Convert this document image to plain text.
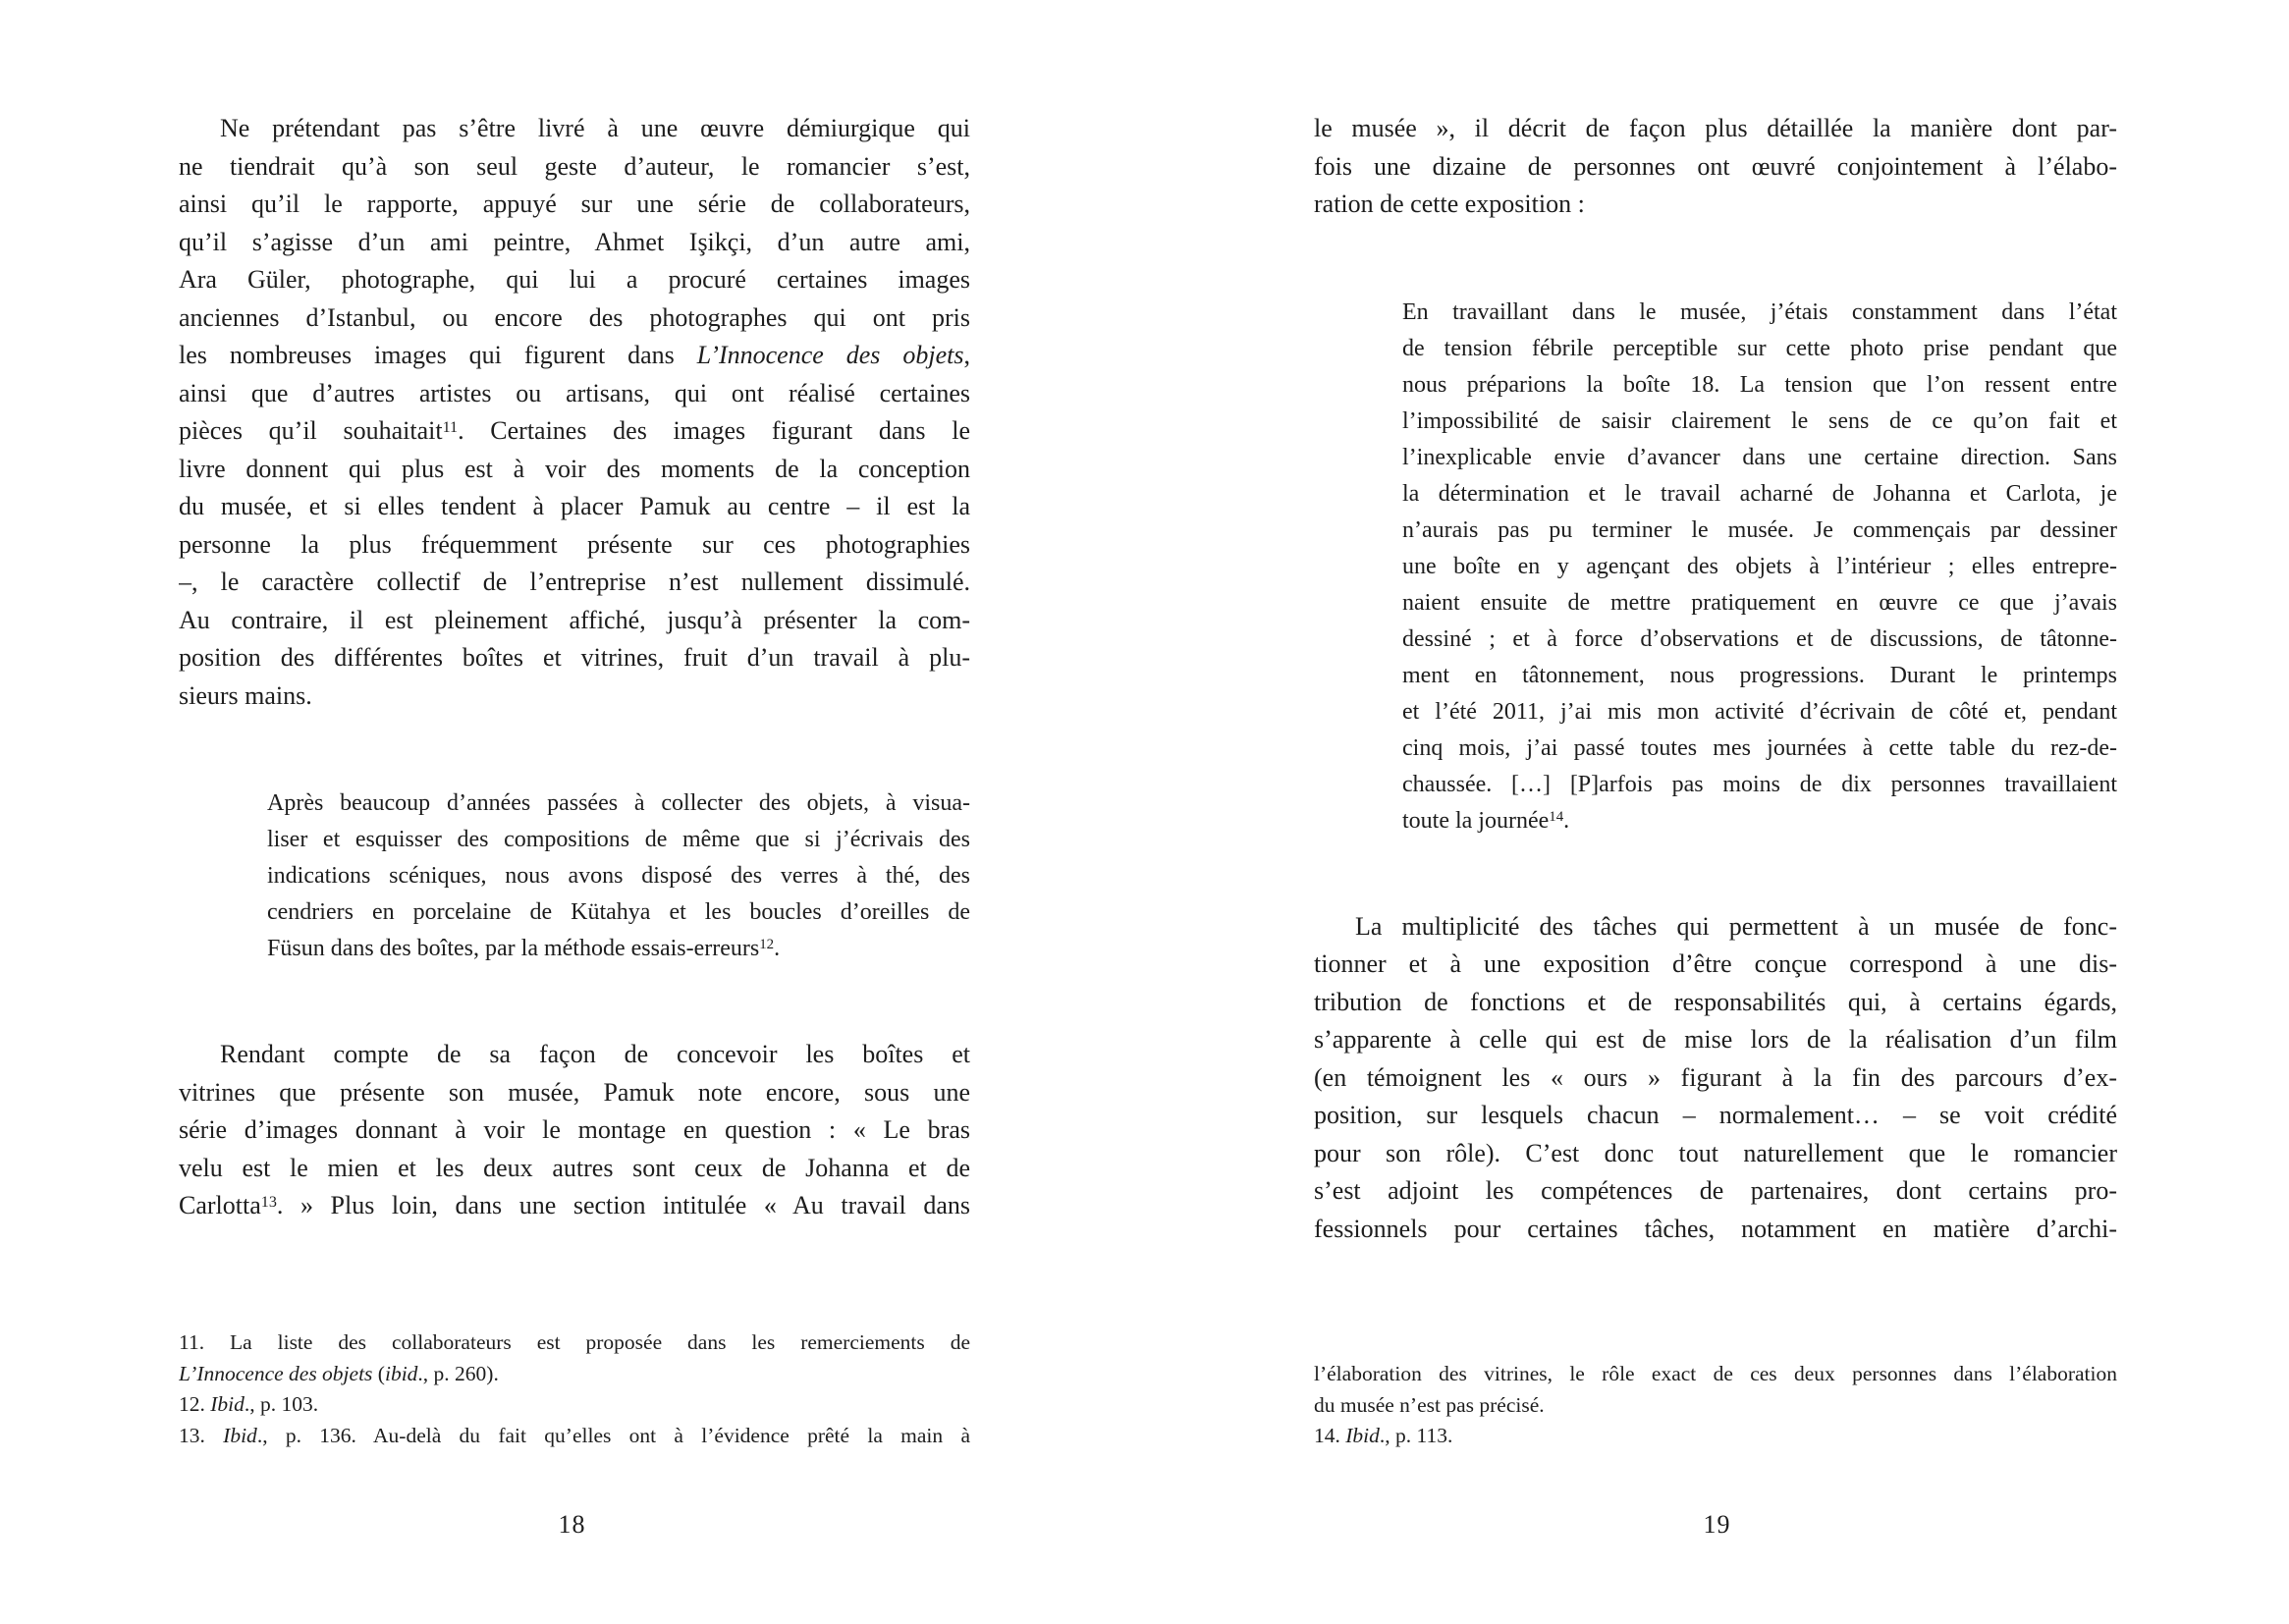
Ne prétendant pas s’être livré à une œuvre démiurgique qui
ne tiendrait qu’à son seul geste d’auteur, le romancier s’est,
ainsi qu’il le rapporte, appuyé sur une série de collaborateurs,
qu’il s’agisse d’un ami peintre, Ahmet Işikçi, d’un autre ami,
Ara Güler, photographe, qui lui a procuré certaines images
anciennes d’Istanbul, ou encore des photographes qui ont pris
les nombreuses images qui figurent dans L’Innocence des objets,
ainsi que d’autres artistes ou artisans, qui ont réalisé certaines
pièces qu’il souhaitait$^{11}$. Certaines des images figurant dans le
livre donnent qui plus est à voir des moments de la conception
du musée, et si elles tendent à placer Pamuk au centre – il est la
personne la plus fréquemment présente sur ces photographies
–, le caractère collectif de l’entreprise n’est nullement dissimulé.
Au contraire, il est pleinement affiché, jusqu’à présenter la com-
position des différentes boîtes et vitrines, fruit d’un travail à plu-
sieurs mains.
Après beaucoup d’années passées à collecter des objets, à visua-
liser et esquisser des compositions de même que si j’écrivais des
indications scéniques, nous avons disposé des verres à thé, des
cendriers en porcelaine de Kütahya et les boucles d’oreilles de
Füsun dans des boîtes, par la méthode essais-erreurs$^{12}$.
Rendant compte de sa façon de concevoir les boîtes et
vitrines que présente son musée, Pamuk note encore, sous une
série d’images donnant à voir le montage en question : « Le bras
velu est le mien et les deux autres sont ceux de Johanna et de
Carlotta$^{13}$. » Plus loin, dans une section intitulée « Au travail dans
11. La liste des collaborateurs est proposée dans les remerciements de
L’Innocence des objets (ibid., p. 260).
12. Ibid., p. 103.
13. Ibid., p. 136. Au-delà du fait qu’elles ont à l’évidence prêté la main à
18
le musée », il décrit de façon plus détaillée la manière dont par-
fois une dizaine de personnes ont œuvré conjointement à l’élabo-
ration de cette exposition :
En travaillant dans le musée, j’étais constamment dans l’état
de tension fébrile perceptible sur cette photo prise pendant que
nous préparions la boîte 18. La tension que l’on ressent entre
l’impossibilité de saisir clairement le sens de ce qu’on fait et
l’inexplicable envie d’avancer dans une certaine direction. Sans
la détermination et le travail acharné de Johanna et Carlota, je
n’aurais pas pu terminer le musée. Je commençais par dessiner
une boîte en y agençant des objets à l’intérieur ; elles entrepre-
naient ensuite de mettre pratiquement en œuvre ce que j’avais
dessiné ; et à force d’observations et de discussions, de tâtonne-
ment en tâtonnement, nous progressions. Durant le printemps
et l’été 2011, j’ai mis mon activité d’écrivain de côté et, pendant
cinq mois, j’ai passé toutes mes journées à cette table du rez-de-
chaussée. […] [P]arfois pas moins de dix personnes travaillaient
toute la journée$^{14}$.
La multiplicité des tâches qui permettent à un musée de fonc-
tionner et à une exposition d’être conçue correspond à une dis-
tribution de fonctions et de responsabilités qui, à certains égards,
s’apparente à celle qui est de mise lors de la réalisation d’un film
(en témoignent les « ours » figurant à la fin des parcours d’ex-
position, sur lesquels chacun – normalement… – se voit crédité
pour son rôle). C’est donc tout naturellement que le romancier
s’est adjoint les compétences de partenaires, dont certains pro-
fessionnels pour certaines tâches, notamment en matière d’archi-
l’élaboration des vitrines, le rôle exact de ces deux personnes dans l’élaboration
du musée n’est pas précisé.
14. Ibid., p. 113.
19
